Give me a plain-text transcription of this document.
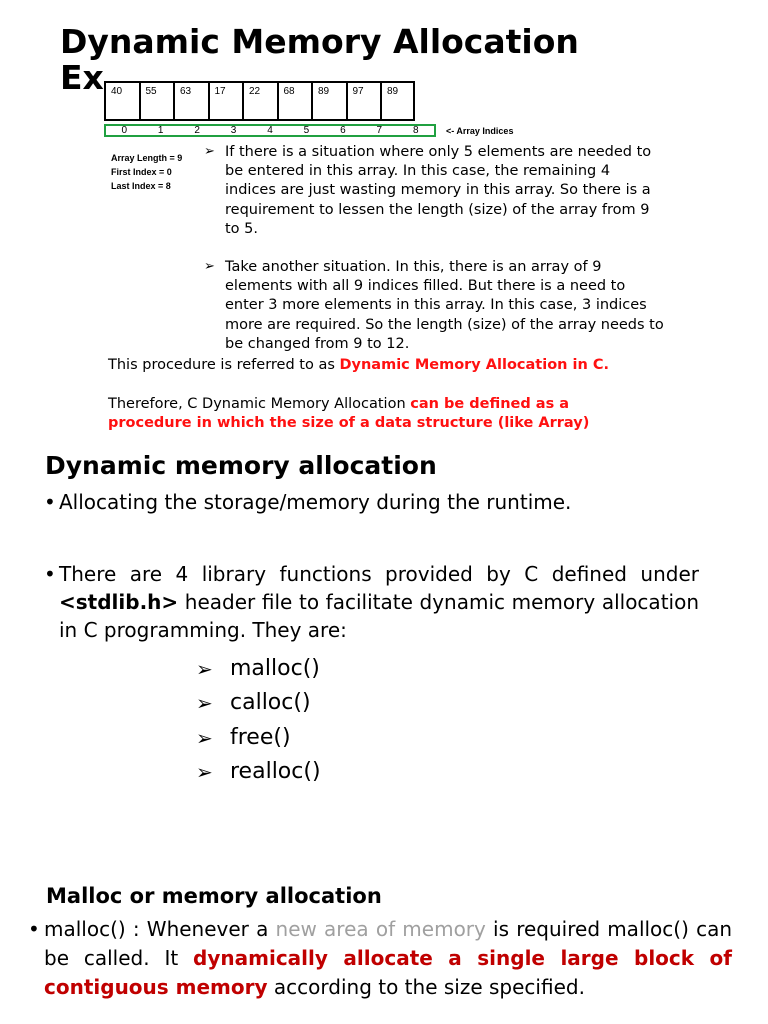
Dynamic Memory Allocation
Ex 40	55	63	17	22	68	89	97	89
0	1	2	3	4	5	6	7	8	<- Array Indices
Array Length = 9
First Index = 0
Last Index = 8
➢ If there is a situation where only 5 elements are needed to be entered in this array. In this case, the remaining 4 indices are just wasting memory in this array. So there is a requirement to lessen the length (size) of the array from 9 to 5.
➢ Take another situation. In this, there is an array of 9 elements with all 9 indices filled. But there is a need to enter 3 more elements in this array. In this case, 3 indices more are required. So the length (size) of the array needs to be changed from 9 to 12.
This procedure is referred to as Dynamic Memory Allocation in C.
Therefore, C Dynamic Memory Allocation can be defined as a procedure in which the size of a data structure (like Array)
Dynamic memory allocation
• Allocating the storage/memory during the runtime.
• There are 4 library functions provided by C defined under <stdlib.h> header file to facilitate dynamic memory allocation in C programming. They are:
➢ malloc()
➢ calloc()
➢ free()
➢ realloc()
Malloc or memory allocation
• malloc() : Whenever a new area of memory is required malloc() can be called. It dynamically allocate a single large block of contiguous memory according to the size specified.
